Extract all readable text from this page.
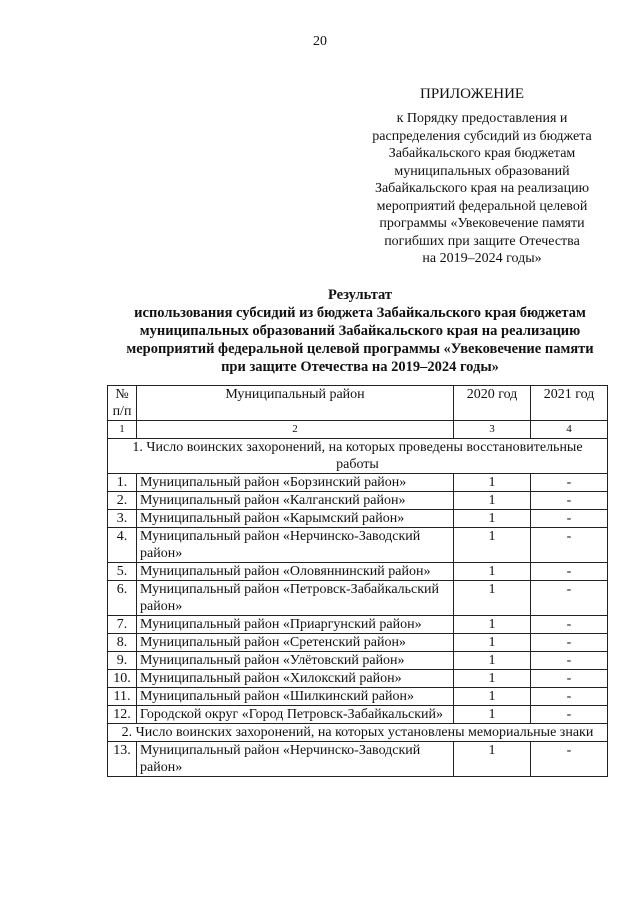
20
ПРИЛОЖЕНИЕ
к Порядку предоставления и
распределения субсидий из бюджета
Забайкальского края бюджетам
муниципальных образований
Забайкальского края на реализацию
мероприятий федеральной целевой
программы «Увековечение памяти
погибших при защите Отечества
на 2019–2024 годы»
Результат
использования субсидий из бюджета Забайкальского края бюджетам
муниципальных образований Забайкальского края на реализацию
мероприятий федеральной целевой программы «Увековечение памяти
при защите Отечества на 2019–2024 годы»
№
п/п	Муниципальный район	2020 год	2021 год
1	2	3	4
1. Число воинских захоронений, на которых проведены восстановительные работы			
1.	Муниципальный район «Борзинский район»	1	-
2.	Муниципальный район «Калганский район»	1	-
3.	Муниципальный район «Карымский район»	1	-
4.	Муниципальный район «Нерчинско-Заводский район»	1	-
5.	Муниципальный район «Оловяннинский район»	1	-
6.	Муниципальный район «Петровск-Забайкальский район»	1	-
7.	Муниципальный район «Приаргунский район»	1	-
8.	Муниципальный район «Сретенский район»	1	-
9.	Муниципальный район «Улётовский район»	1	-
10.	Муниципальный район «Хилокский район»	1	-
11.	Муниципальный район «Шилкинский район»	1	-
12.	Городской округ «Город Петровск-Забайкальский»	1	-
2. Число воинских захоронений, на которых установлены мемориальные знаки			
13.	Муниципальный район «Нерчинско-Заводский район»	1	-
